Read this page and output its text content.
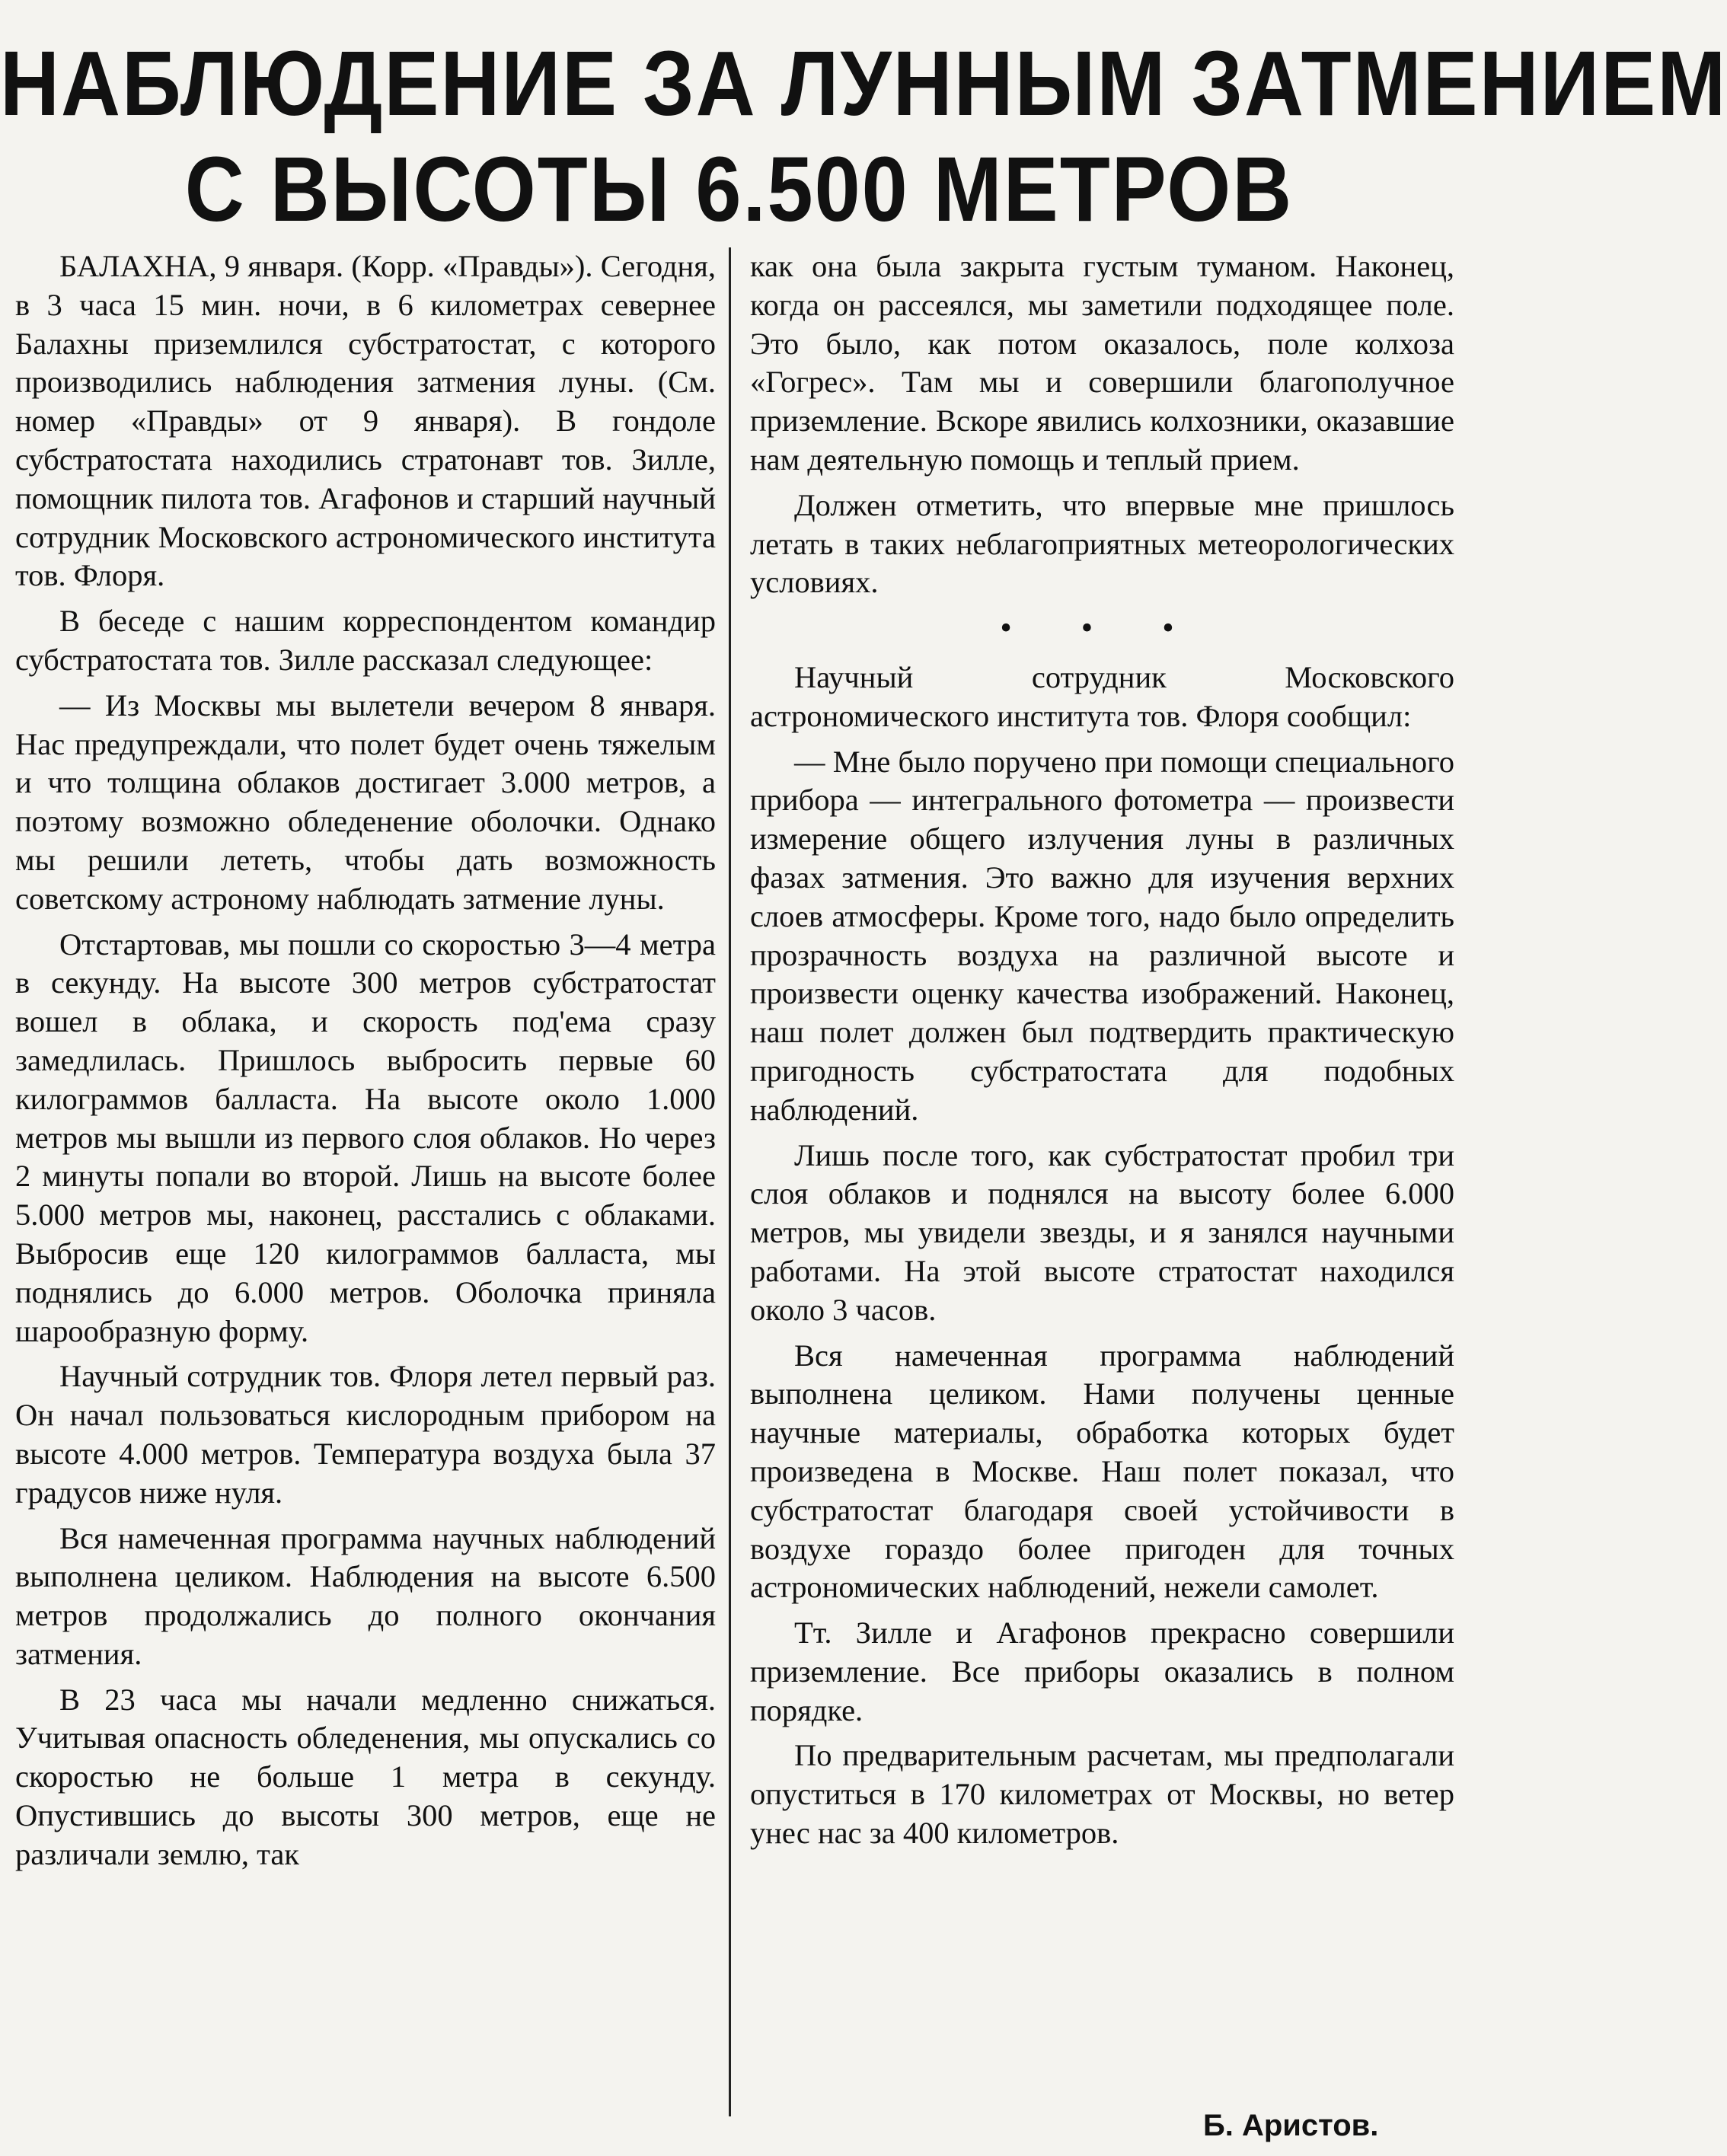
НАБЛЮДЕНИЕ ЗА ЛУННЫМ ЗАТМЕНИЕМ
С ВЫСОТЫ 6.500 МЕТРОВ

БАЛАХНА, 9 января. (Корр. «Правды»). Сегодня, в 3 часа 15 мин. ночи, в 6 километрах севернее Балахны приземлился субстратостат, с которого производились наблюдения затмения луны. (См. номер «Правды» от 9 января). В гондоле субстратостата находились стратонавт тов. Зилле, помощник пилота тов. Агафонов и старший научный сотрудник Московского астрономического института тов. Флоря.

В беседе с нашим корреспондентом командир субстратостата тов. Зилле рассказал следующее:

— Из Москвы мы вылетели вечером 8 января. Нас предупреждали, что полет будет очень тяжелым и что толщина облаков достигает 3.000 метров, а поэтому возможно обледенение оболочки. Однако мы решили лететь, чтобы дать возможность советскому астроному наблюдать затмение луны.

Отстартовав, мы пошли со скоростью 3—4 метра в секунду. На высоте 300 метров субстратостат вошел в облака, и скорость под'ема сразу замедлилась. Пришлось выбросить первые 60 килограммов балласта. На высоте около 1.000 метров мы вышли из первого слоя облаков. Но через 2 минуты попали во второй. Лишь на высоте более 5.000 метров мы, наконец, расстались с облаками. Выбросив еще 120 килограммов балласта, мы поднялись до 6.000 метров. Оболочка приняла шарообразную форму.

Научный сотрудник тов. Флоря летел первый раз. Он начал пользоваться кислородным прибором на высоте 4.000 метров. Температура воздуха была 37 градусов ниже нуля.

Вся намеченная программа научных наблюдений выполнена целиком. Наблюдения на высоте 6.500 метров продолжались до полного окончания затмения.

В 23 часа мы начали медленно снижаться. Учитывая опасность обледенения, мы опускались со скоростью не больше 1 метра в секунду. Опустившись до высоты 300 метров, еще не различали землю, так

как она была закрыта густым туманом. Наконец, когда он рассеялся, мы заметили подходящее поле. Это было, как потом оказалось, поле колхоза «Гогрес». Там мы и совершили благополучное приземление. Вскоре явились колхозники, оказавшие нам деятельную помощь и теплый прием.

Должен отметить, что впервые мне пришлось летать в таких неблагоприятных метеорологических условиях.

• • •

Научный сотрудник Московского астрономического института тов. Флоря сообщил:

— Мне было поручено при помощи специального прибора — интегрального фотометра — произвести измерение общего излучения луны в различных фазах затмения. Это важно для изучения верхних слоев атмосферы. Кроме того, надо было определить прозрачность воздуха на различной высоте и произвести оценку качества изображений. Наконец, наш полет должен был подтвердить практическую пригодность субстратостата для подобных наблюдений.

Лишь после того, как субстратостат пробил три слоя облаков и поднялся на высоту более 6.000 метров, мы увидели звезды, и я занялся научными работами. На этой высоте стратостат находился около 3 часов.

Вся намеченная программа наблюдений выполнена целиком. Нами получены ценные научные материалы, обработка которых будет произведена в Москве. Наш полет показал, что субстратостат благодаря своей устойчивости в воздухе гораздо более пригоден для точных астрономических наблюдений, нежели самолет.

Тт. Зилле и Агафонов прекрасно совершили приземление. Все приборы оказались в полном порядке.

По предварительным расчетам, мы предполагали опуститься в 170 километрах от Москвы, но ветер унес нас за 400 километров.

Б. Аристов.
